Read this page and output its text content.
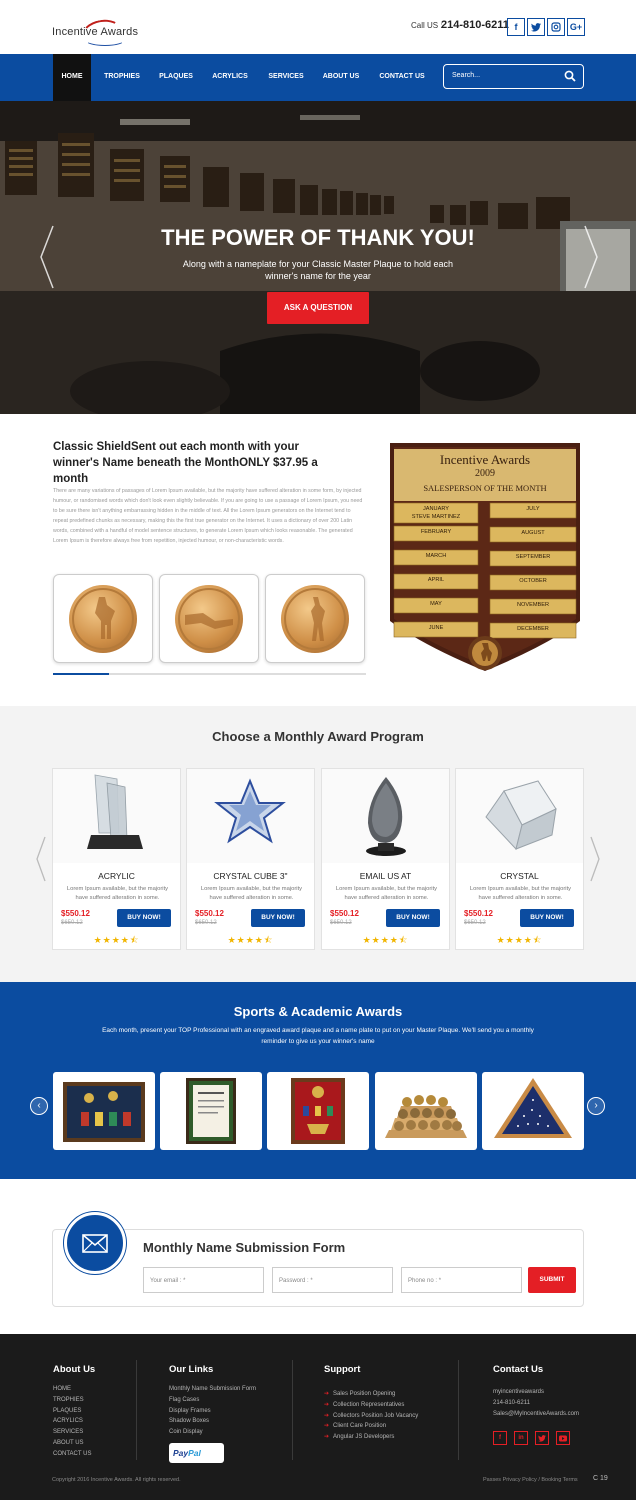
Incentive Awards
Call US :
214-810-6211 f	G+
HOME	TROPHIES	PLAQUES	ACRYLICS	SERVICES	ABOUT US	CONTACT US	Search...
THE POWER OF THANK YOU!
Along with a nameplate for your Classic Master Plaque to hold each winner's name for the year
ASK A QUESTION
Classic ShieldSent out each month with your winner's Name beneath the MonthONLY $37.95 a month
There are many variations of passages of Lorem Ipsum available, but the majority have suffered alteration in some form, by injected humour, or randomised words which don't look even slightly believable. If you are going to use a passage of Lorem Ipsum, you need to be sure there isn't anything embarrassing hidden in the middle of text. All the Lorem Ipsum generators on the Internet tend to repeat predefined chunks as necessary, making this the first true generator on the Internet. It uses a dictionary of over 200 Latin words, combined with a handful of model sentence structures, to generate Lorem Ipsum which looks reasonable. The generated Lorem Ipsum is therefore always free from repetition, injected humour, or non-characteristic words.
Incentive Awards
2009
SALESPERSON OF THE MONTH
JANUARY
STEVE MARTINEZ
FEBRUARY
MARCH
APRIL
MAY
JUNE
JULY
AUGUST
SEPTEMBER
OCTOBER
NOVEMBER
DECEMBER
Choose a Monthly Award Program
ACRYLIC
Lorem Ipsum available, but the majority have suffered alteration in some.
$550.12
$650.12
BUY NOW!
★★★★⯪
CRYSTAL CUBE 3"
Lorem Ipsum available, but the majority have suffered alteration in some.
$550.12
$650.12
BUY NOW!
★★★★⯪
EMAIL US AT
Lorem Ipsum available, but the majority have suffered alteration in some.
$550.12
$650.12
BUY NOW!
★★★★⯪
CRYSTAL
Lorem Ipsum available, but the majority have suffered alteration in some.
$550.12
$650.12
BUY NOW!
★★★★⯪
Sports & Academic Awards
Each month, present your TOP Professional with an engraved award plaque and a name plate to put on your Master Plaque. We'll send you a monthly reminder to give us your winner's name
‹	›
Monthly Name Submission Form
Your email : *	Password : *	Phone no : *	SUBMIT
About Us
HOME
TROPHIES
PLAQUES
ACRYLICS
SERVICES
ABOUT US
CONTACT US
Our Links
Monthly Name Submission Form
Flag Cases
Display Frames
Shadow Boxes
Coin Display
PayPal
Support
➔ Sales Position Opening
➔ Collection Representatives
➔ Collectors Position Job Vacancy
➔ Client Care Position
➔ Angular JS Developers
Contact Us
myincentiveawards
214-810-6211
Sales@MyIncentiveAwards.com
f	in
Copyright 2016 Incentive Awards. All rights reserved.	Passes Privacy Policy / Booking Terms C 19
